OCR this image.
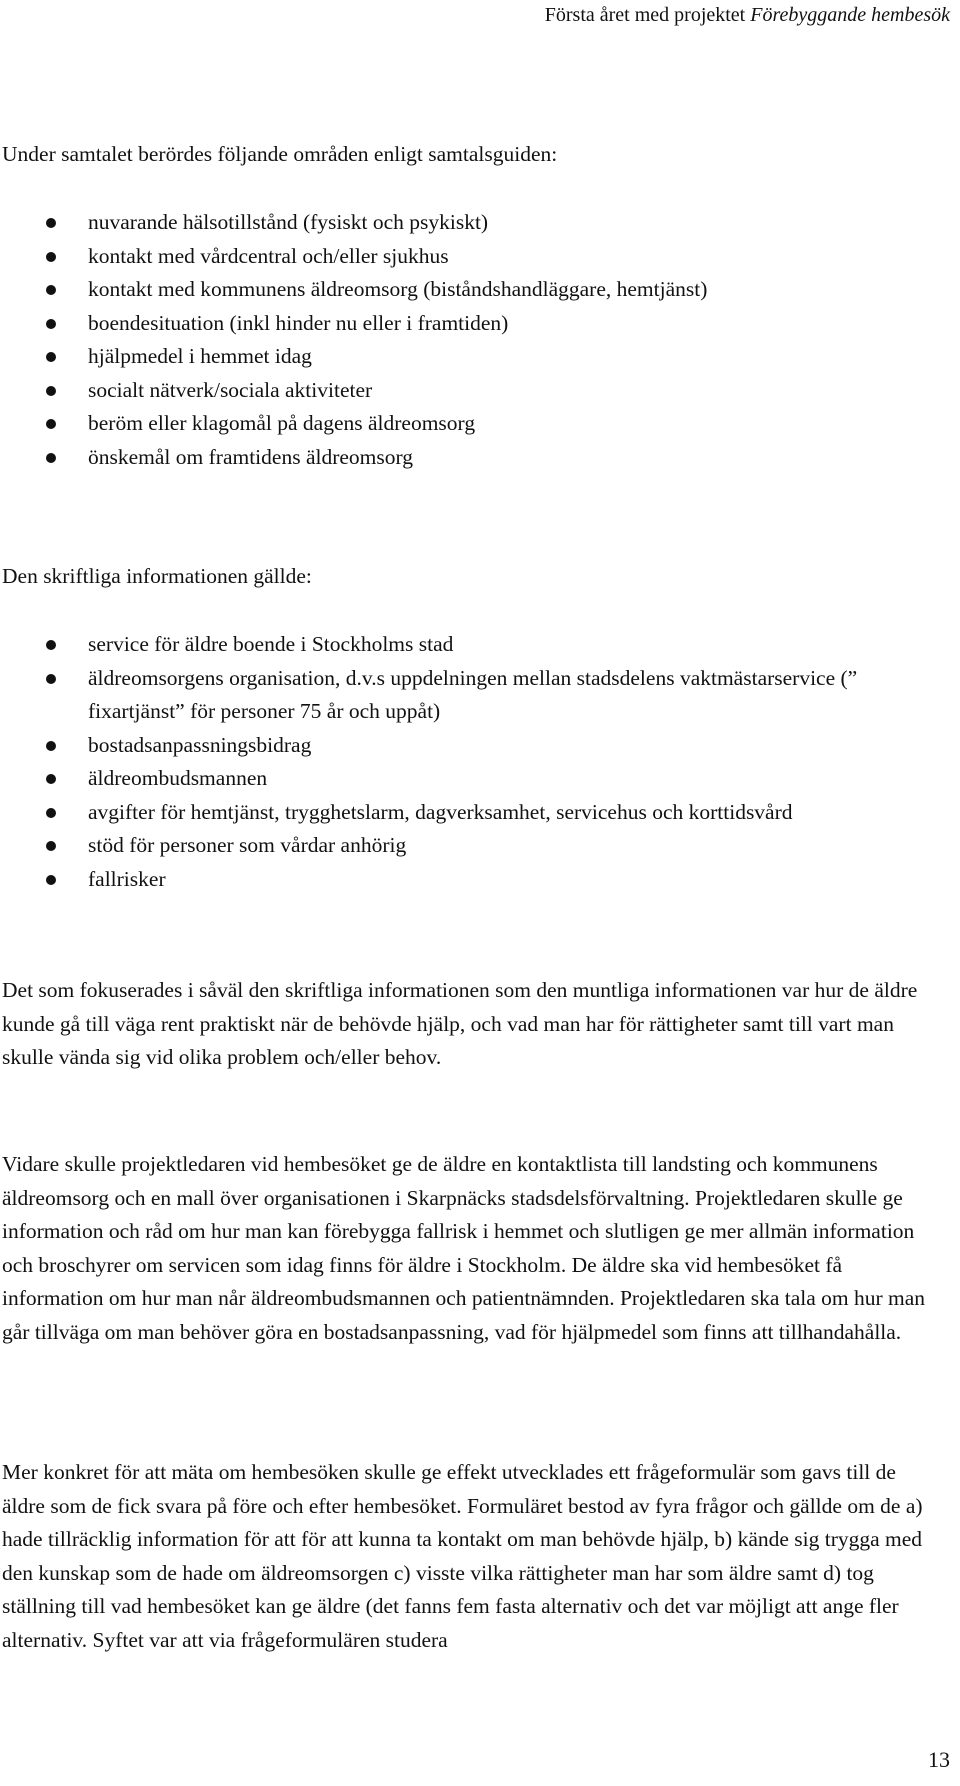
Första året med projektet Förebyggande hembesök

Under samtalet berördes följande områden enligt samtalsguiden:

nuvarande hälsotillstånd (fysiskt och psykiskt)
kontakt med vårdcentral och/eller sjukhus
kontakt med kommunens äldreomsorg (biståndshandläggare, hemtjänst)
boendesituation (inkl hinder nu eller i framtiden)
hjälpmedel i hemmet idag
socialt nätverk/sociala aktiviteter
beröm eller klagomål på dagens äldreomsorg
önskemål om framtidens äldreomsorg

Den skriftliga informationen gällde:

service för äldre boende i Stockholms stad
äldreomsorgens organisation, d.v.s uppdelningen mellan stadsdelens vaktmästarservice (” fixartjänst” för personer 75 år och uppåt)
bostadsanpassningsbidrag
äldreombudsmannen
avgifter för hemtjänst, trygghetslarm, dagverksamhet, servicehus och korttidsvård
stöd för personer som vårdar anhörig
fallrisker

Det som fokuserades i såväl den skriftliga informationen som den muntliga informationen var hur de äldre kunde gå till väga rent praktiskt när de behövde hjälp, och vad man har för rättigheter samt till vart man skulle vända sig vid olika problem och/eller behov.

Vidare skulle projektledaren vid hembesöket ge de äldre en kontaktlista till landsting och kommunens äldreomsorg och en mall över organisationen i Skarpnäcks stadsdelsförvaltning. Projektledaren skulle ge information och råd om hur man kan förebygga fallrisk i hemmet och slutligen ge mer allmän information och broschyrer om servicen som idag finns för äldre i Stockholm. De äldre ska vid hembesöket få information om hur man når äldreombudsmannen och patientnämnden. Projektledaren ska tala om hur man går tillväga om man behöver göra en bostadsanpassning, vad för hjälpmedel som finns att tillhandahålla.

Mer konkret för att mäta om hembesöken skulle ge effekt utvecklades ett frågeformulär som gavs till de äldre som de fick svara på före och efter hembesöket. Formuläret bestod av fyra frågor och gällde om de a) hade tillräcklig information för att för att kunna ta kontakt om man behövde hjälp, b) kände sig trygga med den kunskap som de hade om äldreomsorgen c) visste vilka rättigheter man har som äldre samt d) tog ställning till vad hembesöket kan ge äldre (det fanns fem fasta alternativ och det var möjligt att ange fler alternativ. Syftet var att via frågeformulären studera

13
